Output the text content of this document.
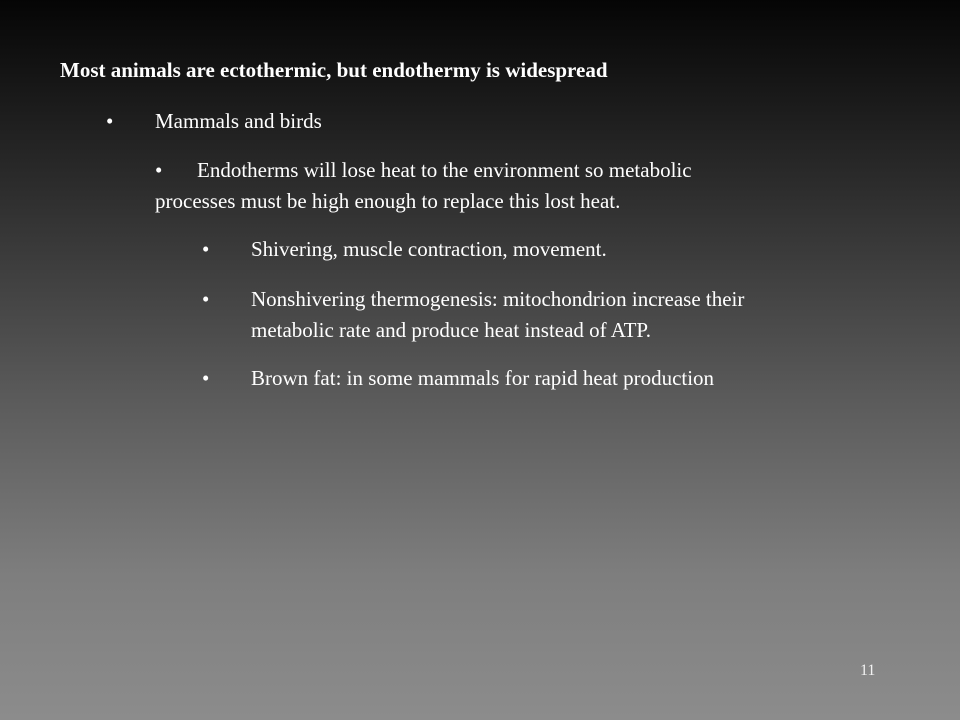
Most animals are ectothermic, but endothermy is widespread
• Mammals and birds
• Endotherms will lose heat to the environment so metabolic
processes must be high enough to replace this lost heat.
• Shivering, muscle contraction, movement.
• Nonshivering thermogenesis: mitochondrion increase their
metabolic rate and produce heat instead of ATP.
• Brown fat: in some mammals for rapid heat production
11
